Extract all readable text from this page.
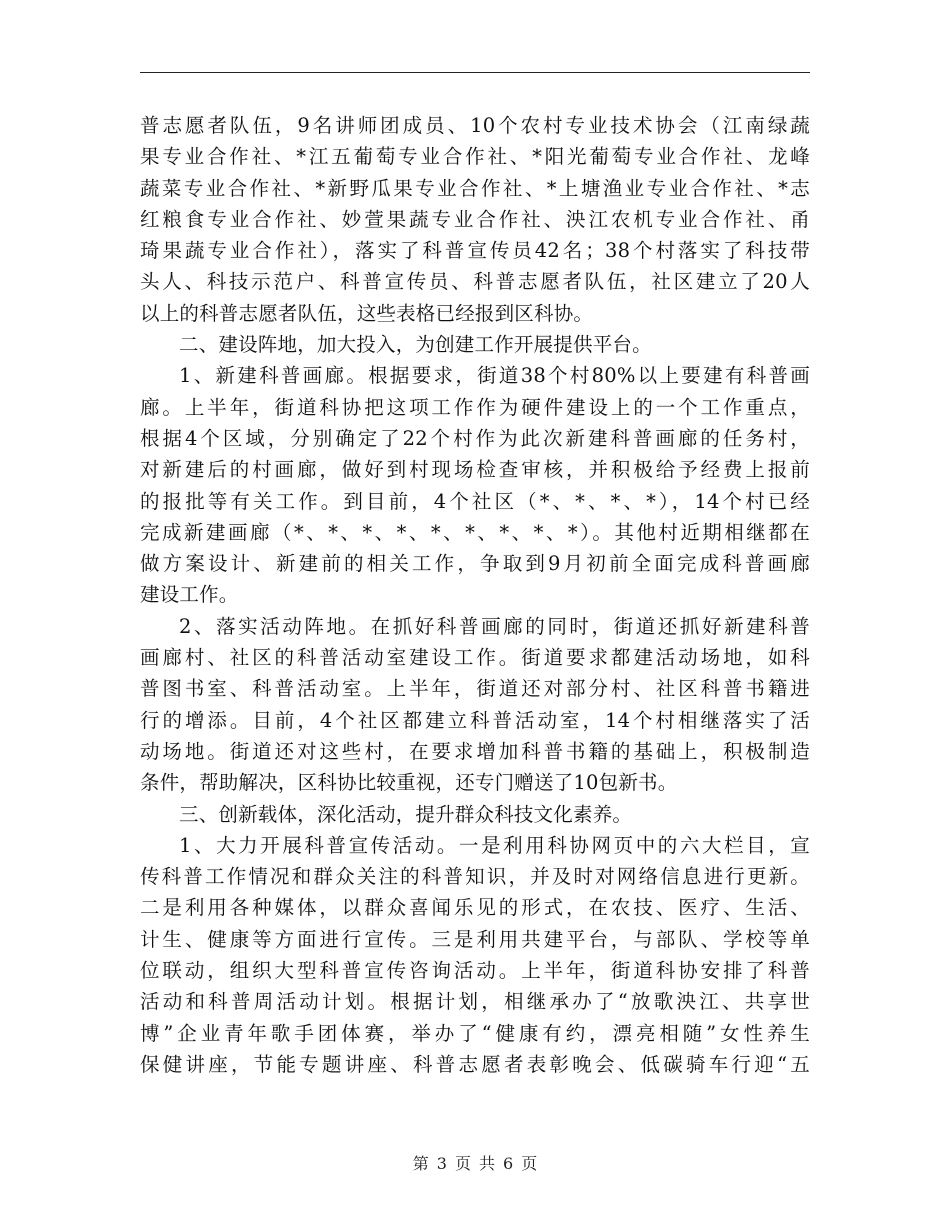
普志愿者队伍，9名讲师团成员、10个农村专业技术协会（江南绿蔬
果专业合作社、*江五葡萄专业合作社、*阳光葡萄专业合作社、龙峰
蔬菜专业合作社、*新野瓜果专业合作社、*上塘渔业专业合作社、*志
红粮食专业合作社、妙萱果蔬专业合作社、泱江农机专业合作社、甬
琦果蔬专业合作社），落实了科普宣传员42名；38个村落实了科技带
头人、科技示范户、科普宣传员、科普志愿者队伍，社区建立了20人
以上的科普志愿者队伍，这些表格已经报到区科协。
二、建设阵地，加大投入，为创建工作开展提供平台。
1、新建科普画廊。根据要求，街道38个村80%以上要建有科普画
廊。上半年，街道科协把这项工作作为硬件建设上的一个工作重点，
根据4个区域，分别确定了22个村作为此次新建科普画廊的任务村，
对新建后的村画廊，做好到村现场检查审核，并积极给予经费上报前
的报批等有关工作。到目前，4个社区（*、*、*、*），14个村已经
完成新建画廊（*、*、*、*、*、*、*、*、*）。其他村近期相继都在
做方案设计、新建前的相关工作，争取到9月初前全面完成科普画廊
建设工作。
2、落实活动阵地。在抓好科普画廊的同时，街道还抓好新建科普
画廊村、社区的科普活动室建设工作。街道要求都建活动场地，如科
普图书室、科普活动室。上半年，街道还对部分村、社区科普书籍进
行的增添。目前，4个社区都建立科普活动室，14个村相继落实了活
动场地。街道还对这些村，在要求增加科普书籍的基础上，积极制造
条件，帮助解决，区科协比较重视，还专门赠送了10包新书。
三、创新载体，深化活动，提升群众科技文化素养。
1、大力开展科普宣传活动。一是利用科协网页中的六大栏目，宣
传科普工作情况和群众关注的科普知识，并及时对网络信息进行更新。
二是利用各种媒体，以群众喜闻乐见的形式，在农技、医疗、生活、
计生、健康等方面进行宣传。三是利用共建平台，与部队、学校等单
位联动，组织大型科普宣传咨询活动。上半年，街道科协安排了科普
活动和科普周活动计划。根据计划，相继承办了“放歌泱江、共享世
博”企业青年歌手团体赛，举办了“健康有约，漂亮相随”女性养生
保健讲座，节能专题讲座、科普志愿者表彰晚会、低碳骑车行迎“五
第 3 页 共 6 页
